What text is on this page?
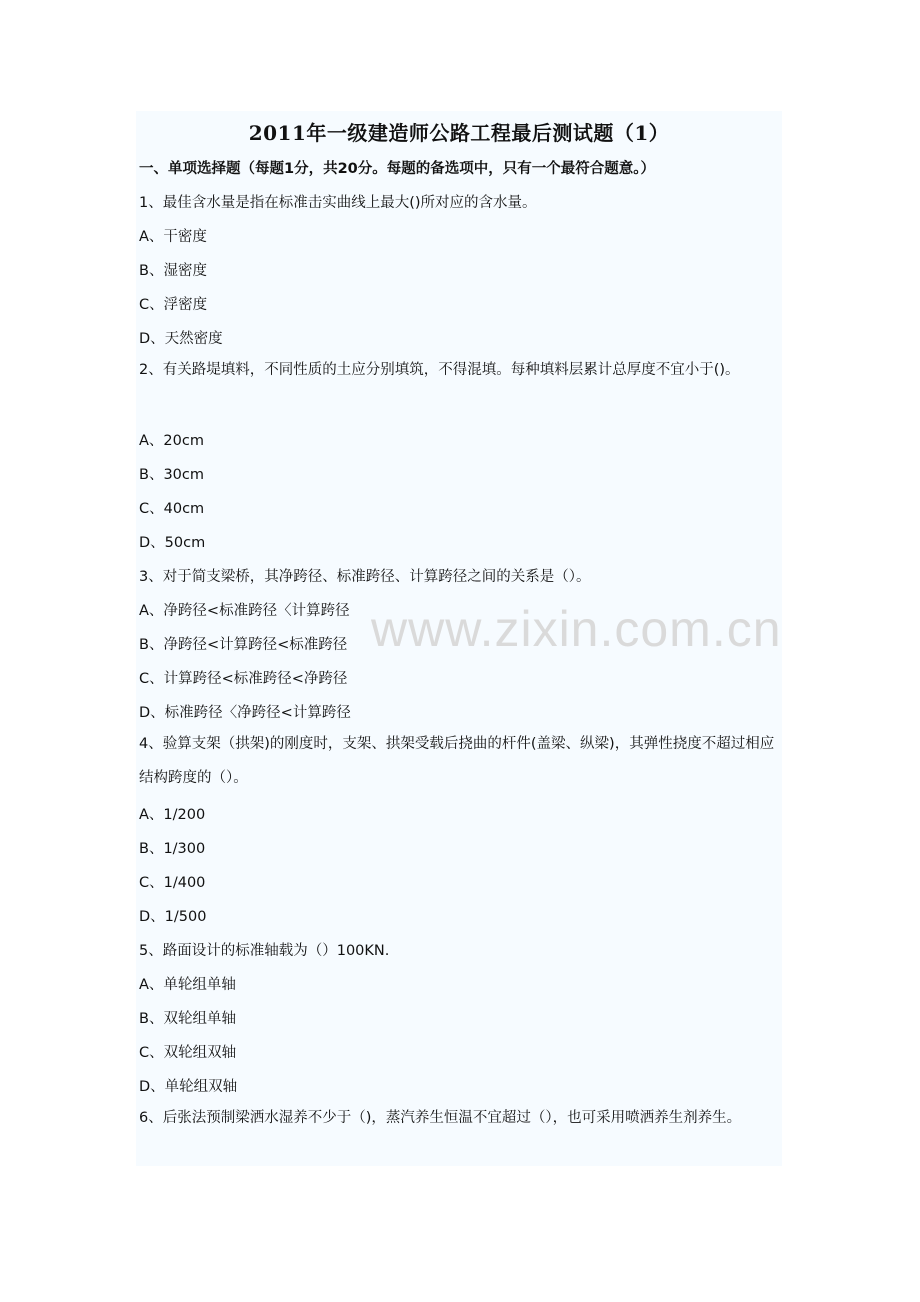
2011年一级建造师公路工程最后测试题（1）
一、单项选择题（每题1分，共20分。每题的备选项中，只有一个最符合题意。）
1、最佳含水量是指在标准击实曲线上最大()所对应的含水量。
A、干密度
B、湿密度
C、浮密度
D、天然密度
2、有关路堤填料，不同性质的土应分别填筑，不得混填。每种填料层累计总厚度不宜小于()。
A、20cm
B、30cm
C、40cm
D、50cm
3、对于简支梁桥，其净跨径、标准跨径、计算跨径之间的关系是（）。
A、净跨径<标准跨径〈计算跨径
B、净跨径<计算跨径<标准跨径
C、计算跨径<标准跨径<净跨径
D、标准跨径〈净跨径<计算跨径
4、验算支架（拱架)的刚度时，支架、拱架受载后挠曲的杆件(盖梁、纵梁)，其弹性挠度不超过相应结构跨度的（）。
A、1/200
B、1/300
C、1/400
D、1/500
5、路面设计的标准轴载为（）100KN.
A、单轮组单轴
B、双轮组单轴
C、双轮组双轴
D、单轮组双轴
6、后张法预制梁洒水湿养不少于（)，蒸汽养生恒温不宜超过（），也可采用喷洒养生剂养生。
www.zixin.com.cn
